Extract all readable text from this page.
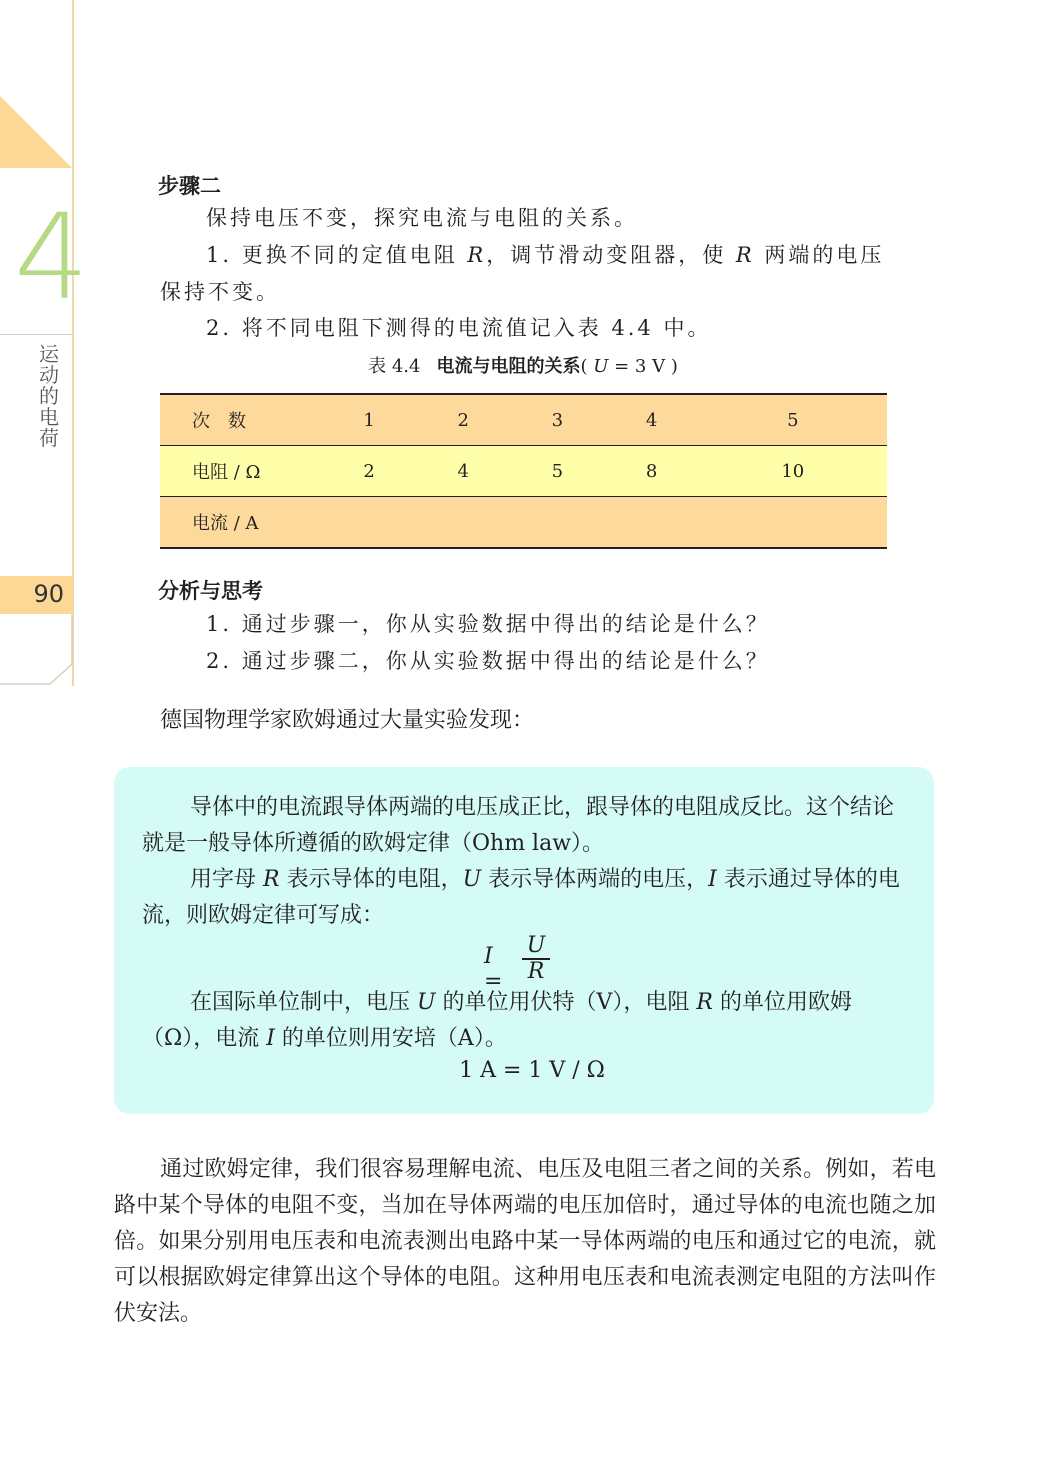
4
运动的电荷
90
步骤二

保持电压不变，探究电流与电阻的关系。

1. 更换不同的定值电阻 R，调节滑动变阻器，使 R 两端的电压保持不变。

2. 将不同电阻下测得的电流值记入表 4.4 中。

表 4.4 电流与电阻的关系( U = 3 V )
次　数	1	2	3	4	5
电阻 / Ω	2	4	5	8	10
电流 / A					
分析与思考

1. 通过步骤一，你从实验数据中得出的结论是什么？

2. 通过步骤二，你从实验数据中得出的结论是什么？

德国物理学家欧姆通过大量实验发现：

导体中的电流跟导体两端的电压成正比，跟导体的电阻成反比。这个结论就是一般导体所遵循的欧姆定律（Ohm law）。

用字母 R 表示导体的电阻，U 表示导体两端的电压，I 表示通过导体的电流，则欧姆定律可写成：

I =
U
R

在国际单位制中，电压 U 的单位用伏特（V），电阻 R 的单位用欧姆（Ω），电流 I 的单位则用安培（A）。

1 A = 1 V / Ω

通过欧姆定律，我们很容易理解电流、电压及电阻三者之间的关系。例如，若电路中某个导体的电阻不变，当加在导体两端的电压加倍时，通过导体的电流也随之加倍。如果分别用电压表和电流表测出电路中某一导体两端的电压和通过它的电流，就可以根据欧姆定律算出这个导体的电阻。这种用电压表和电流表测定电阻的方法叫作伏安法。
